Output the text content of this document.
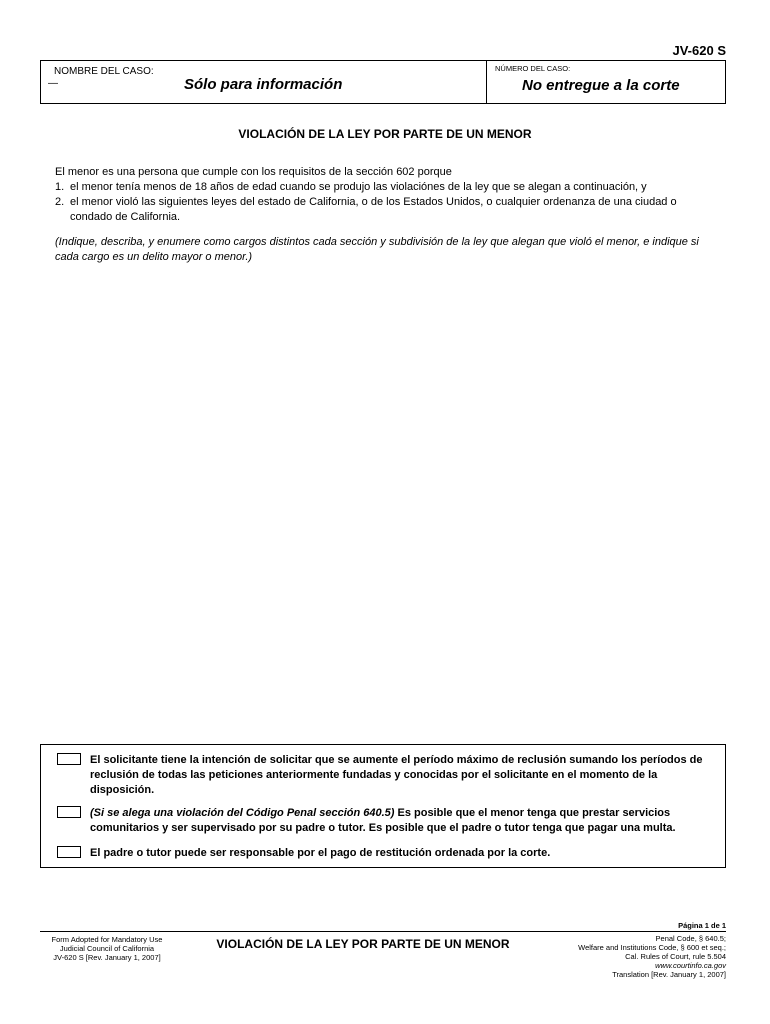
JV-620 S
NOMBRE DEL CASO:
—	Sólo para información
NÚMERO DEL CASO:
No entregue a la corte
VIOLACIÓN DE LA LEY POR PARTE DE UN MENOR
El menor es una persona que cumple con los requisitos de la sección 602 porque
1. el menor tenía menos de 18 años de edad cuando se produjo las violaciónes de la ley que se alegan a continuación, y
2. el menor violó las siguientes leyes del estado de California, o de los Estados Unidos, o cualquier ordenanza de una ciudad o
condado de California.
(Indique, describa, y enumere como cargos distintos cada sección y subdivisión de la ley que alegan que violó el menor, e indique si cada cargo es un delito mayor o menor.)
El solicitante tiene la intención de solicitar que se aumente el período máximo de reclusión sumando los períodos de reclusión de todas las peticiones anteriormente fundadas y conocidas por el solicitante en el momento de la disposición.
(Si se alega una violación del Código Penal sección 640.5) Es posible que el menor tenga que prestar servicios comunitarios y ser supervisado por su padre o tutor. Es posible que el padre o tutor tenga que pagar una multa.
El padre o tutor puede ser responsable por el pago de restitución ordenada por la corte.
Página 1 de 1
Form Adopted for Mandatory Use
Judicial Council of California
JV-620 S [Rev. January 1, 2007]
VIOLACIÓN DE LA LEY POR PARTE DE UN MENOR	Penal Code, § 640.5;
Welfare and Institutions Code, § 600 et seq.;
Cal. Rules of Court, rule 5.504
www.courtinfo.ca.gov
Translation [Rev. January 1, 2007]
